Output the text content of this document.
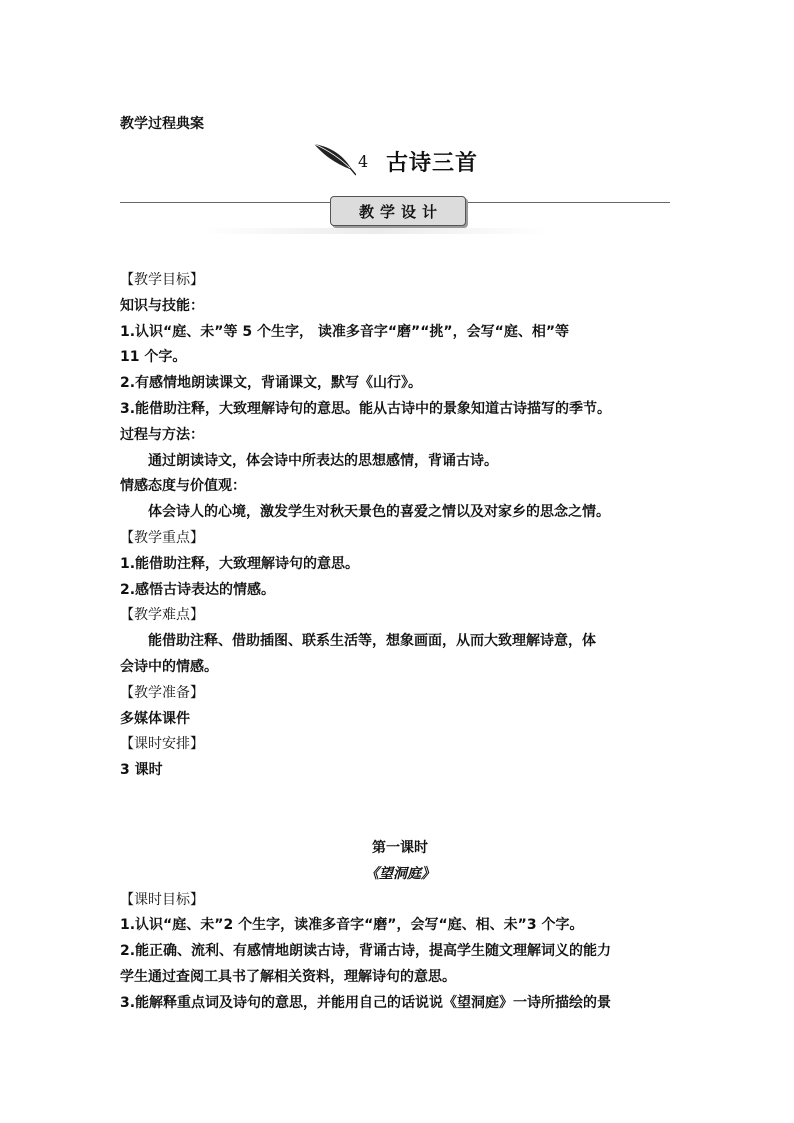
教学过程典案
4 古诗三首
教学设计
【教学目标】
知识与技能：
1.认识“庭、未”等 5 个生字， 读准多音字“磨”“挑”，会写“庭、相”等
11 个字。
2.有感情地朗读课文，背诵课文，默写《山行》。
3.能借助注释，大致理解诗句的意思。能从古诗中的景象知道古诗描写的季节。
过程与方法：
通过朗读诗文，体会诗中所表达的思想感情，背诵古诗。
情感态度与价值观：
体会诗人的心境，激发学生对秋天景色的喜爱之情以及对家乡的思念之情。
【教学重点】
1.能借助注释，大致理解诗句的意思。
2.感悟古诗表达的情感。
【教学难点】
能借助注释、借助插图、联系生活等，想象画面，从而大致理解诗意，体
会诗中的情感。
【教学准备】
多媒体课件
【课时安排】
3 课时
第一课时
《望洞庭》
【课时目标】
1.认识“庭、未”2 个生字，读准多音字“磨”，会写“庭、相、未”3 个字。
2.能正确、流利、有感情地朗读古诗，背诵古诗，提高学生随文理解词义的能力
学生通过查阅工具书了解相关资料，理解诗句的意思。
3.能解释重点词及诗句的意思，并能用自己的话说说《望洞庭》一诗所描绘的景
